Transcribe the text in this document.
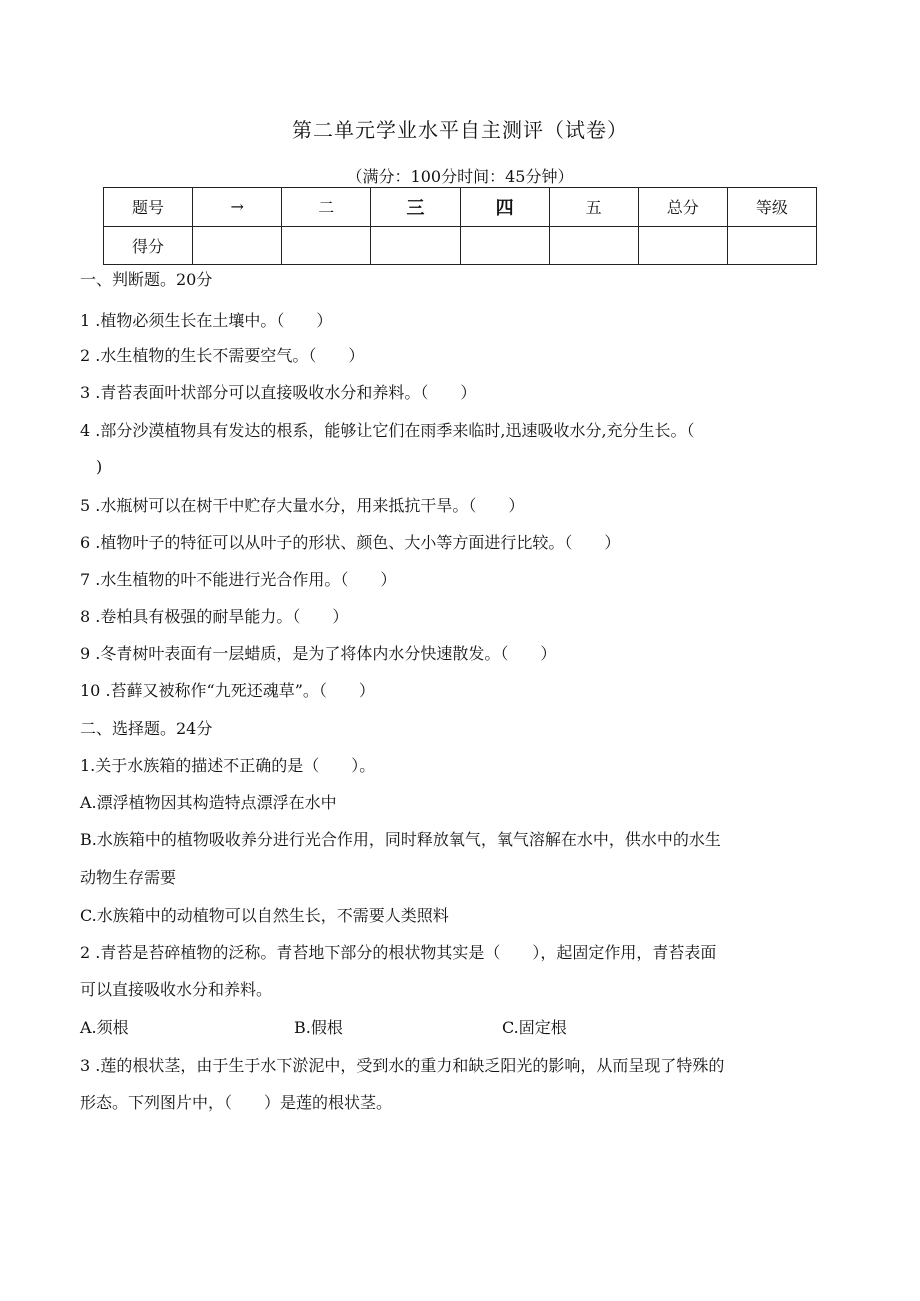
第二单元学业水平自主测评（试卷）
（满分：100分时间：45分钟）
题号	→	二	三	四	五	总分	等级
得分							
一、判断题。20分
1 .植物必须生长在土壤中。（　　）
2 .水生植物的生长不需要空气。（　　）
3 .青苔表面叶状部分可以直接吸收水分和养料。（　　）
4 .部分沙漠植物具有发达的根系，能够让它们在雨季来临时,迅速吸收水分,充分生长。（
　)
5 .水瓶树可以在树干中贮存大量水分，用来抵抗干旱。（　　）
6 .植物叶子的特征可以从叶子的形状、颜色、大小等方面进行比较。（　　）
7 .水生植物的叶不能进行光合作用。（　　）
8 .卷柏具有极强的耐旱能力。（　　）
9 .冬青树叶表面有一层蜡质，是为了将体内水分快速散发。（　　）
10 .苔藓又被称作“九死还魂草”。（　　）
二、选择题。24分
1.关于水族箱的描述不正确的是（　　）。
A.漂浮植物因其构造特点漂浮在水中
B.水族箱中的植物吸收养分进行光合作用，同时释放氧气，氧气溶解在水中，供水中的水生
动物生存需要
C.水族箱中的动植物可以自然生长，不需要人类照料
2 .青苔是苔碎植物的泛称。青苔地下部分的根状物其实是（　　），起固定作用，青苔表面
可以直接吸收水分和养料。
A.须根	B.假根	C.固定根
3 .莲的根状茎，由于生于水下淤泥中，受到水的重力和缺乏阳光的影响，从而呈现了特殊的
形态。下列图片中，（　　）是莲的根状茎。
